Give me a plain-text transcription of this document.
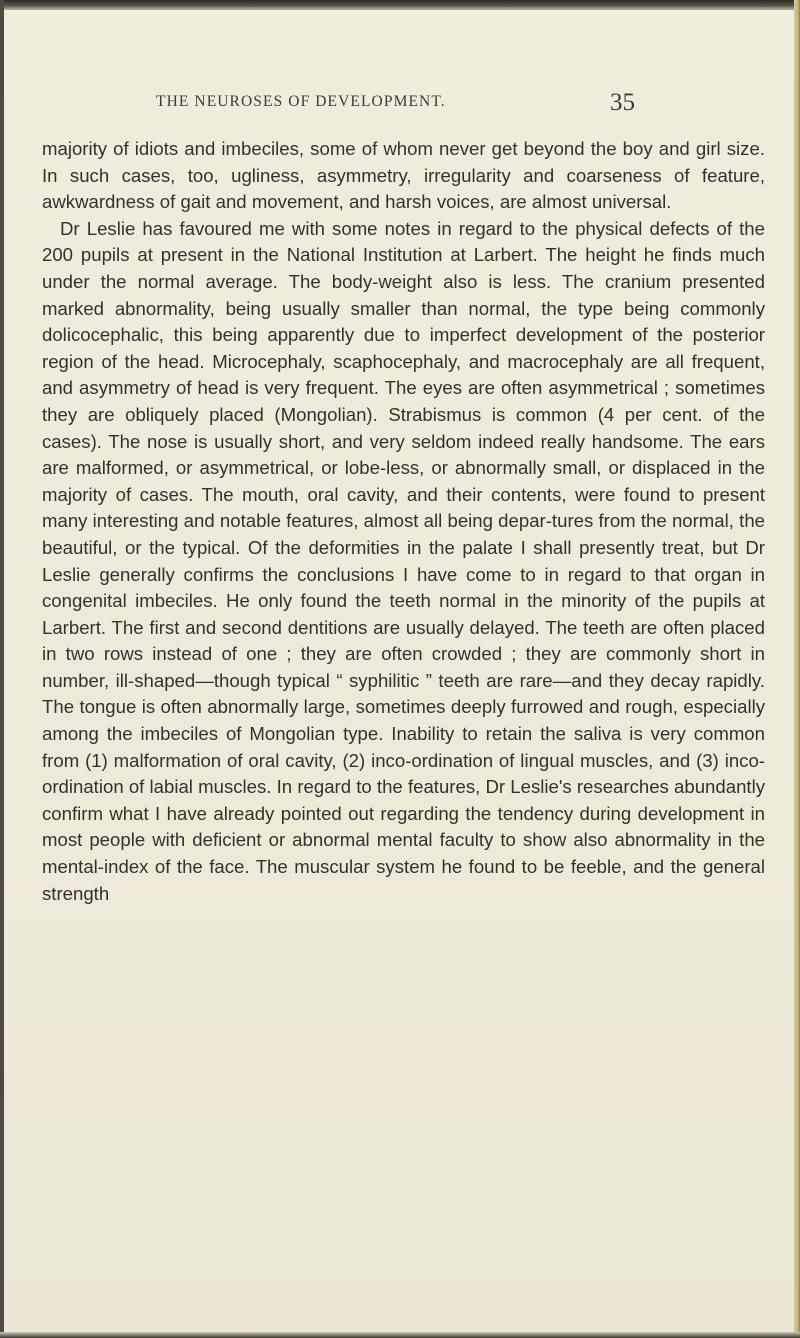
THE NEUROSES OF DEVELOPMENT.	35

majority of idiots and imbeciles, some of whom never get beyond the boy and girl size. In such cases, too, ugliness, asymmetry, irregularity and coarseness of feature, awkwardness of gait and movement, and harsh voices, are almost universal.

Dr Leslie has favoured me with some notes in regard to the physical defects of the 200 pupils at present in the National Institution at Larbert. The height he finds much under the normal average. The body-weight also is less. The cranium presented marked abnormality, being usually smaller than normal, the type being commonly dolicocephalic, this being apparently due to imperfect development of the posterior region of the head. Microcephaly, scaphocephaly, and macrocephaly are all frequent, and asymmetry of head is very frequent. The eyes are often asymmetrical ; sometimes they are obliquely placed (Mongolian). Strabismus is common (4 per cent. of the cases). The nose is usually short, and very seldom indeed really handsome. The ears are malformed, or asymmetrical, or lobe-less, or abnormally small, or displaced in the majority of cases. The mouth, oral cavity, and their contents, were found to present many interesting and notable features, almost all being depar-tures from the normal, the beautiful, or the typical. Of the deformities in the palate I shall presently treat, but Dr Leslie generally confirms the conclusions I have come to in regard to that organ in congenital imbeciles. He only found the teeth normal in the minority of the pupils at Larbert. The first and second dentitions are usually delayed. The teeth are often placed in two rows instead of one ; they are often crowded ; they are commonly short in number, ill-shaped—though typical “ syphilitic ” teeth are rare—and they decay rapidly. The tongue is often abnormally large, sometimes deeply furrowed and rough, especially among the imbeciles of Mongolian type. Inability to retain the saliva is very common from (1) malformation of oral cavity, (2) inco-ordination of lingual muscles, and (3) inco-ordination of labial muscles. In regard to the features, Dr Leslie's researches abundantly confirm what I have already pointed out regarding the tendency during development in most people with deficient or abnormal mental faculty to show also abnormality in the mental-index of the face. The muscular system he found to be feeble, and the general strength
